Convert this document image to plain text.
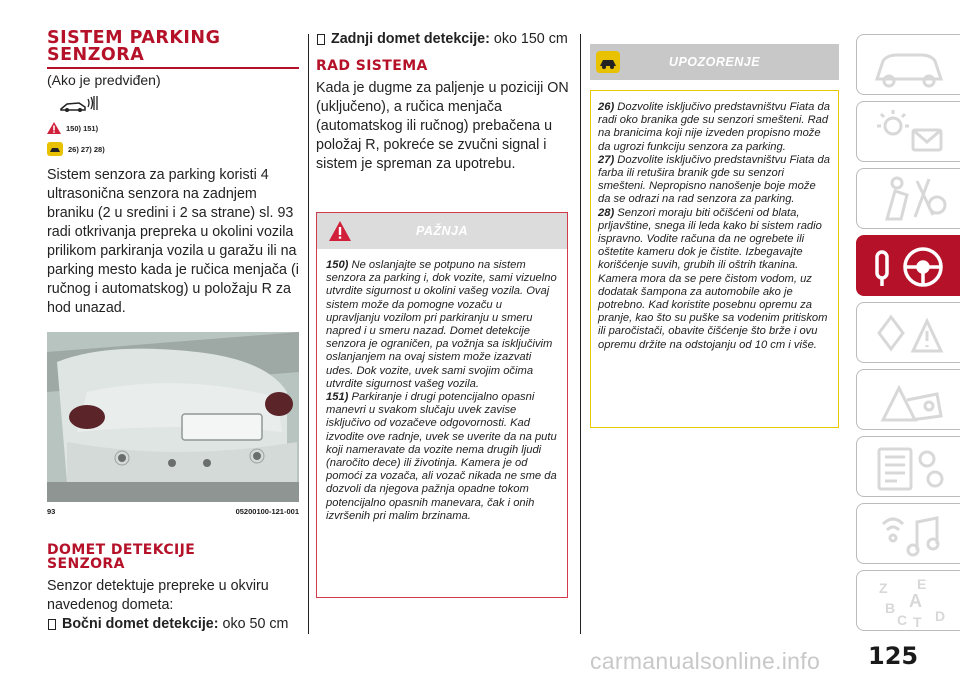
SISTEM PARKING
SENZORA
(Ako je predviđen)
150) 151)
26) 27) 28)

Sistem senzora za parking koristi 4 ultrasonična senzora na zadnjem braniku (2 u sredini i 2 sa strane) sl. 93 radi otkrivanja prepreka u okolini vozila prilikom parkiranja vozila u garažu ili na parking mesto kada je ručica menjača (i ručnog i automatskog) u položaju R za hod unazad.

93	05200100-121-001
DOMET DETEKCIJE
SENZORA

Senzor detektuje prepreke u okviru navedenog dometa:

Bočni domet detekcije: oko 50 cm
Zadnji domet detekcije: oko 150 cm
RAD SISTEMA

Kada je dugme za paljenje u poziciji ON (uključeno), a ručica menjača (automatskog ili ručnog) prebačena u položaj R, pokreće se zvučni signal i sistem je spreman za upotrebu.

PAŽNJA

150) Ne oslanjajte se potpuno na sistem senzora za parking i, dok vozite, sami vizuelno utvrdite sigurnost u okolini vašeg vozila. Ovaj sistem može da pomogne vozaču u upravljanju vozilom pri parkiranju u smeru napred i u smeru nazad. Domet detekcije senzora je ograničen, pa vožnja sa isključivim oslanjanjem na ovaj sistem može izazvati udes. Dok vozite, uvek sami svojim očima utvrdite sigurnost vašeg vozila.

151) Parkiranje i drugi potencijalno opasni manevri u svakom slučaju uvek zavise isključivo od vozačeve odgovornosti. Kad izvodite ove radnje, uvek se uverite da na putu koji nameravate da vozite nema drugih ljudi (naročito dece) ili životinja. Kamera je od pomoći za vozača, ali vozač nikada ne sme da dozvoli da njegova pažnja opadne tokom potencijalno opasnih manevara, čak i onih izvršenih pri malim brzinama.

UPOZORENJE

26) Dozvolite isključivo predstavništvu Fiata da radi oko branika gde su senzori smešteni. Rad na branicima koji nije izveden propisno može da ugrozi funkciju senzora za parking.

27) Dozvolite isključivo predstavništvu Fiata da farba ili retušira branik gde su senzori smešteni. Nepropisno nanošenje boje može da se odrazi na rad senzora za parking.

28) Senzori moraju biti očišćeni od blata, prljavštine, snega ili leda kako bi sistem radio ispravno. Vodite računa da ne ogrebete ili oštetite kameru dok je čistite. Izbegavajte korišćenje suvih, grubih ili oštrih tkanina. Kamera mora da se pere čistom vodom, uz dodatak šampona za automobile ako je potrebno. Kad koristite posebnu opremu za pranje, kao što su puške sa vodenim pritiskom ili paročistači, obavite čišćenje što brže i ovu opremu držite na odstojanju od 10 cm i više.

Z E
B A
C T D
125
carmanualsonline.info
